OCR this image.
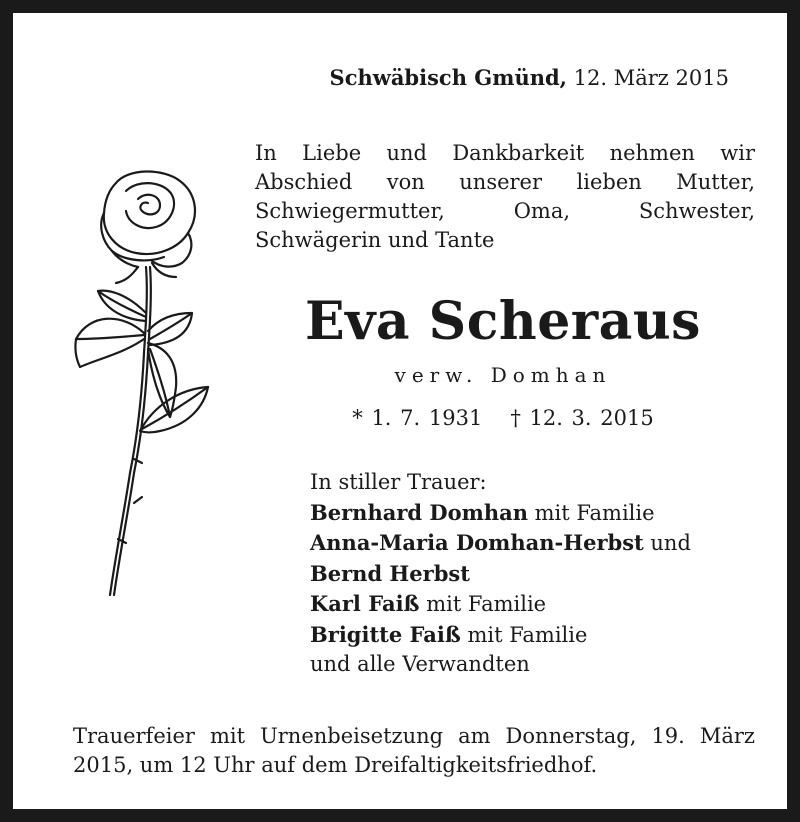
Schwäbisch Gmünd, 12. März 2015
In Liebe und Dankbarkeit nehmen wir
Abschied von unserer lieben Mutter,
Schwiegermutter, Oma, Schwester,
Schwägerin und Tante
Eva Scheraus
verw. Domhan
* 1. 7. 1931 † 12. 3. 2015
In stiller Trauer:
Bernhard Domhan mit Familie
Anna-Maria Domhan-Herbst und
Bernd Herbst
Karl Faiß mit Familie
Brigitte Faiß mit Familie
und alle Verwandten
Trauerfeier mit Urnenbeisetzung am Donnerstag, 19. März 2015, um 12 Uhr auf dem Dreifaltigkeitsfriedhof.
